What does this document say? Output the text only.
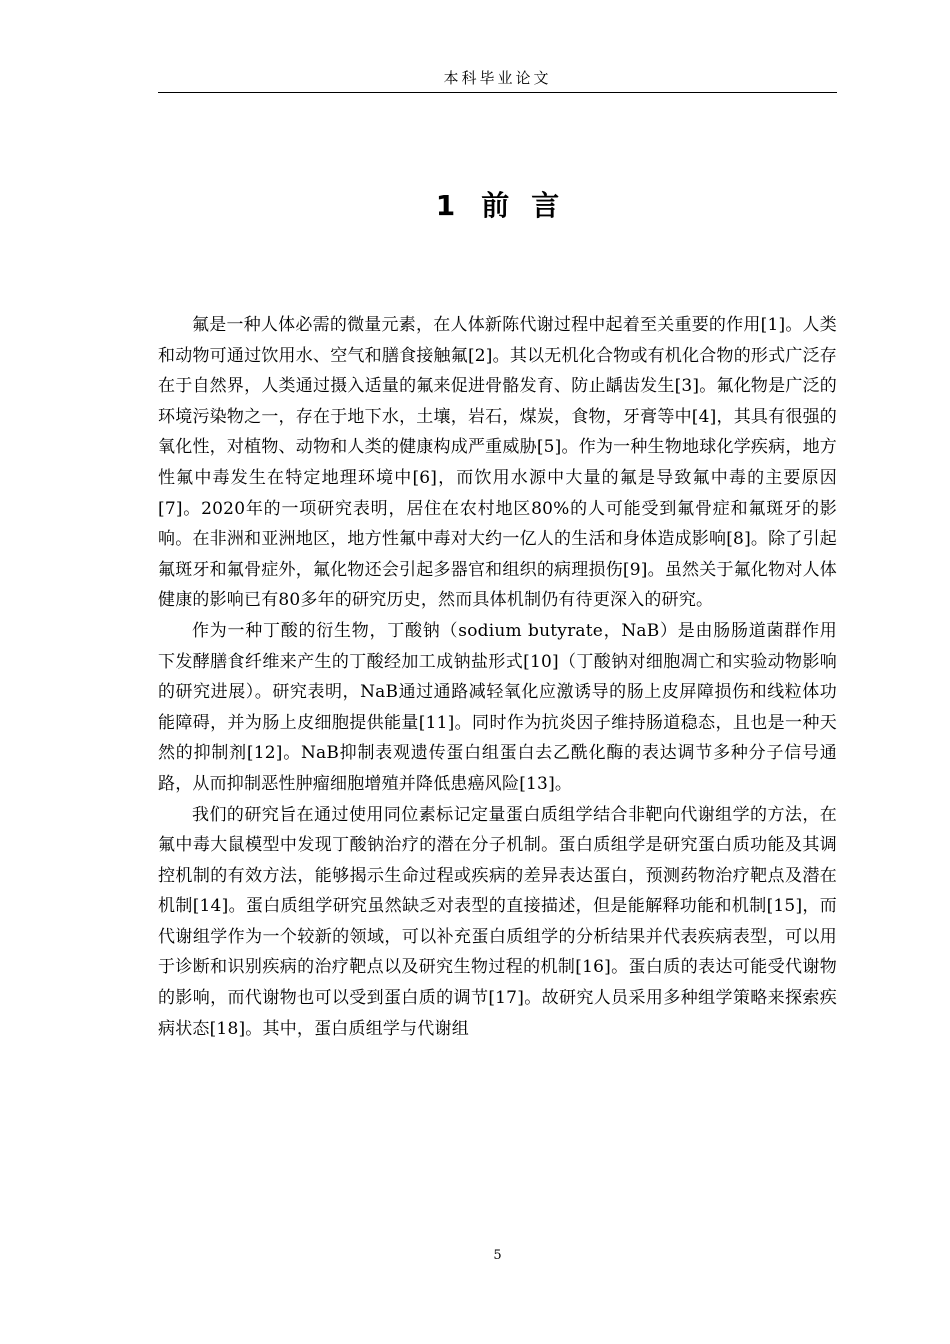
本科毕业论文
1 前 言

氟是一种人体必需的微量元素，在人体新陈代谢过程中起着至关重要的作用[1]。人类和动物可通过饮用水、空气和膳食接触氟[2]。其以无机化合物或有机化合物的形式广泛存在于自然界，人类通过摄入适量的氟来促进骨骼发育、防止龋齿发生[3]。氟化物是广泛的环境污染物之一，存在于地下水，土壤，岩石，煤炭，食物，牙膏等中[4]，其具有很强的氧化性，对植物、动物和人类的健康构成严重威胁[5]。作为一种生物地球化学疾病，地方性氟中毒发生在特定地理环境中[6]，而饮用水源中大量的氟是导致氟中毒的主要原因[7]。2020年的一项研究表明，居住在农村地区80%的人可能受到氟骨症和氟斑牙的影响。在非洲和亚洲地区，地方性氟中毒对大约一亿人的生活和身体造成影响[8]。除了引起氟斑牙和氟骨症外，氟化物还会引起多器官和组织的病理损伤[9]。虽然关于氟化物对人体健康的影响已有80多年的研究历史，然而具体机制仍有待更深入的研究。

作为一种丁酸的衍生物，丁酸钠（sodium butyrate，NaB）是由肠肠道菌群作用下发酵膳食纤维来产生的丁酸经加工成钠盐形式[10]（丁酸钠对细胞凋亡和实验动物影响的研究进展）。研究表明，NaB通过通路减轻氧化应激诱导的肠上皮屏障损伤和线粒体功能障碍，并为肠上皮细胞提供能量[11]。同时作为抗炎因子维持肠道稳态，且也是一种天然的抑制剂[12]。NaB抑制表观遗传蛋白组蛋白去乙酰化酶的表达调节多种分子信号通路，从而抑制恶性肿瘤细胞增殖并降低患癌风险[13]。

我们的研究旨在通过使用同位素标记定量蛋白质组学结合非靶向代谢组学的方法，在氟中毒大鼠模型中发现丁酸钠治疗的潜在分子机制。蛋白质组学是研究蛋白质功能及其调控机制的有效方法，能够揭示生命过程或疾病的差异表达蛋白，预测药物治疗靶点及潜在机制[14]。蛋白质组学研究虽然缺乏对表型的直接描述，但是能解释功能和机制[15]，而代谢组学作为一个较新的领域，可以补充蛋白质组学的分析结果并代表疾病表型，可以用于诊断和识别疾病的治疗靶点以及研究生物过程的机制[16]。蛋白质的表达可能受代谢物的影响，而代谢物也可以受到蛋白质的调节[17]。故研究人员采用多种组学策略来探索疾病状态[18]。其中，蛋白质组学与代谢组

5
